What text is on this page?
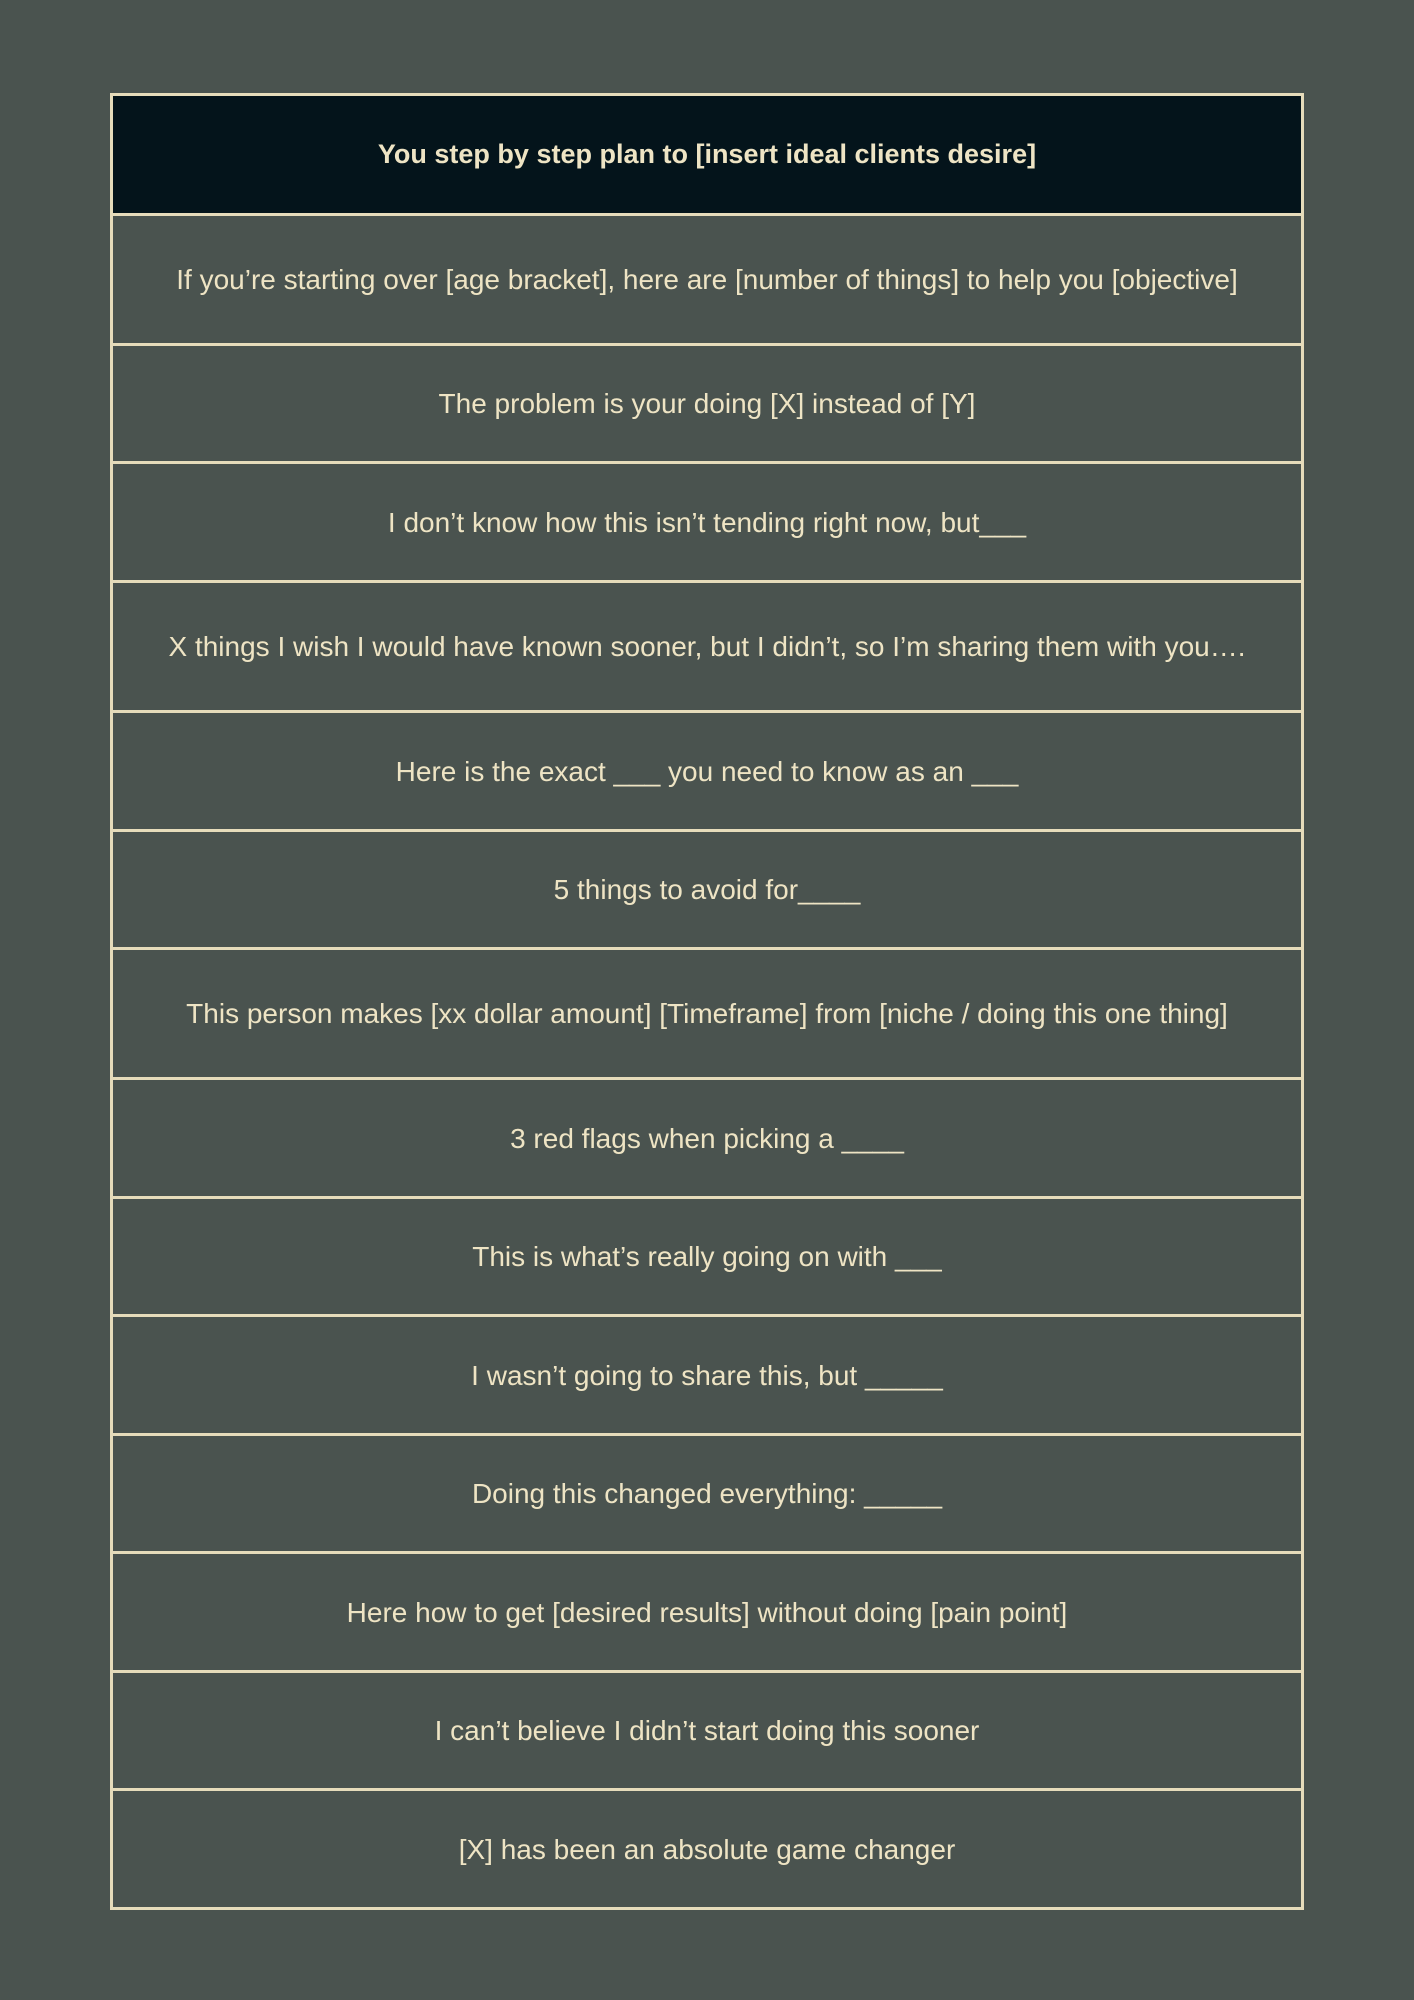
You step by step plan to [insert ideal clients desire]
If you’re starting over [age bracket], here are [number of things] to help you [objective]
The problem is your doing [X] instead of [Y]
I don’t know how this isn’t tending right now, but___
X things I wish I would have known sooner, but I didn’t, so I’m sharing them with you….
Here is the exact ___ you need to know as an ___
5 things to avoid for____
This person makes [xx dollar amount] [Timeframe] from [niche / doing this one thing]
3 red flags when picking a ____
This is what’s really going on with ___
I wasn’t going to share this, but _____
Doing this changed everything: _____
Here how to get [desired results] without doing [pain point]
I can’t believe I didn’t start doing this sooner
[X] has been an absolute game changer
